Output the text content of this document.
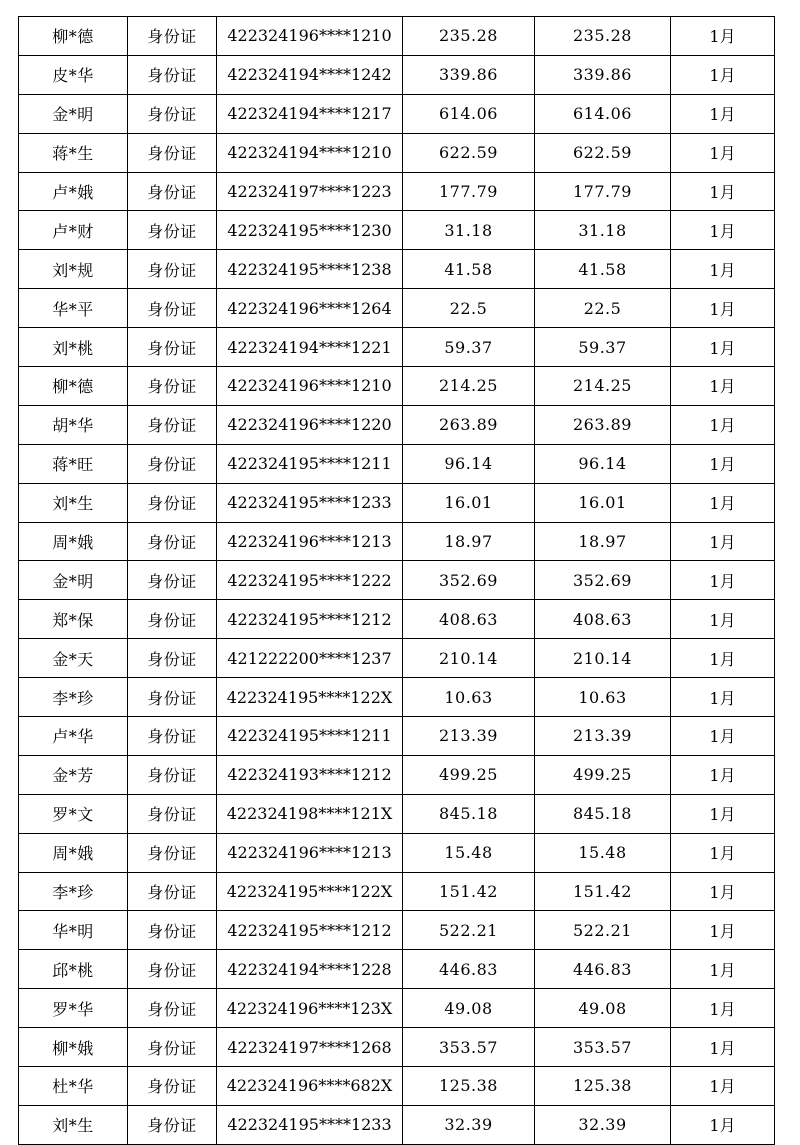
柳*德	身份证	422324196****1210	235.28	235.28	1月
皮*华	身份证	422324194****1242	339.86	339.86	1月
金*明	身份证	422324194****1217	614.06	614.06	1月
蒋*生	身份证	422324194****1210	622.59	622.59	1月
卢*娥	身份证	422324197****1223	177.79	177.79	1月
卢*财	身份证	422324195****1230	31.18	31.18	1月
刘*规	身份证	422324195****1238	41.58	41.58	1月
华*平	身份证	422324196****1264	22.5	22.5	1月
刘*桃	身份证	422324194****1221	59.37	59.37	1月
柳*德	身份证	422324196****1210	214.25	214.25	1月
胡*华	身份证	422324196****1220	263.89	263.89	1月
蒋*旺	身份证	422324195****1211	96.14	96.14	1月
刘*生	身份证	422324195****1233	16.01	16.01	1月
周*娥	身份证	422324196****1213	18.97	18.97	1月
金*明	身份证	422324195****1222	352.69	352.69	1月
郑*保	身份证	422324195****1212	408.63	408.63	1月
金*天	身份证	421222200****1237	210.14	210.14	1月
李*珍	身份证	422324195****122X	10.63	10.63	1月
卢*华	身份证	422324195****1211	213.39	213.39	1月
金*芳	身份证	422324193****1212	499.25	499.25	1月
罗*文	身份证	422324198****121X	845.18	845.18	1月
周*娥	身份证	422324196****1213	15.48	15.48	1月
李*珍	身份证	422324195****122X	151.42	151.42	1月
华*明	身份证	422324195****1212	522.21	522.21	1月
邱*桃	身份证	422324194****1228	446.83	446.83	1月
罗*华	身份证	422324196****123X	49.08	49.08	1月
柳*娥	身份证	422324197****1268	353.57	353.57	1月
杜*华	身份证	422324196****682X	125.38	125.38	1月
刘*生	身份证	422324195****1233	32.39	32.39	1月
